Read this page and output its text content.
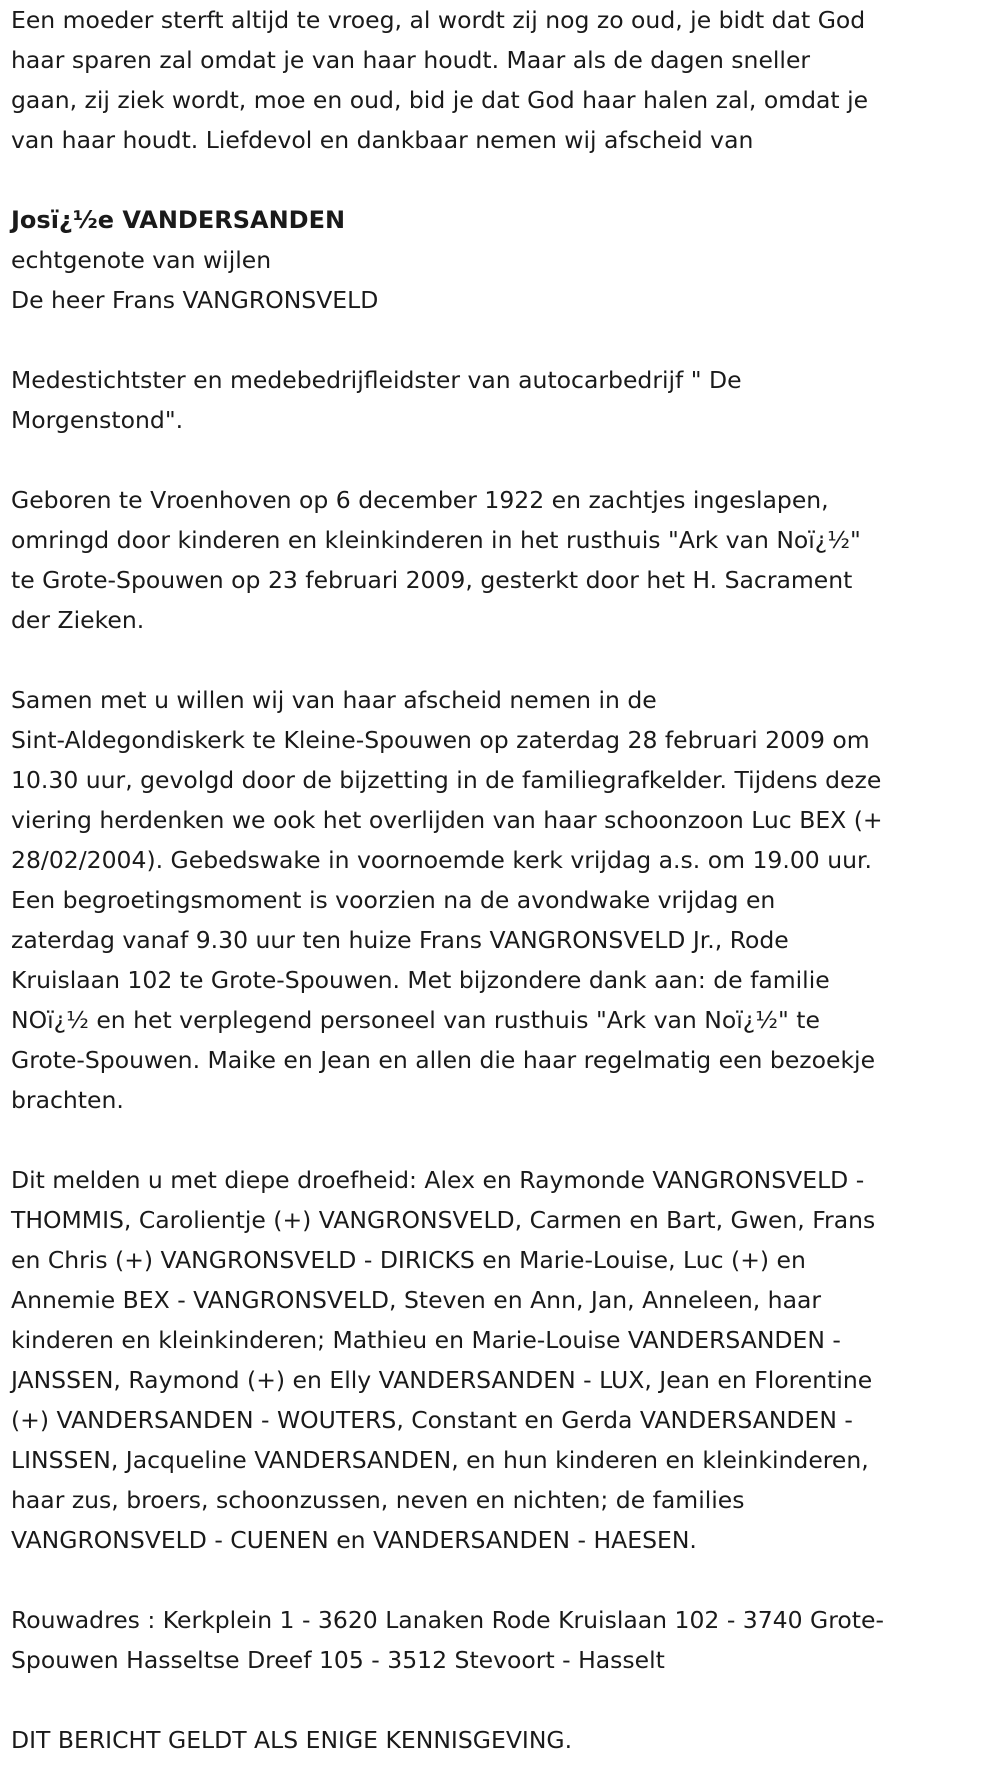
Een moeder sterft altijd te vroeg, al wordt zij nog zo oud, je bidt dat God
haar sparen zal omdat je van haar houdt. Maar als de dagen sneller
gaan, zij ziek wordt, moe en oud, bid je dat God haar halen zal, omdat je
van haar houdt. Liefdevol en dankbaar nemen wij afscheid van

Josï¿½e VANDERSANDEN

echtgenote van wijlen

De heer Frans VANGRONSVELD

Medestichtster en medebedrijfleidster van autocarbedrijf " De
Morgenstond".

Geboren te Vroenhoven op 6 december 1922 en zachtjes ingeslapen,
omringd door kinderen en kleinkinderen in het rusthuis "Ark van Noï¿½"
te Grote-Spouwen op 23 februari 2009, gesterkt door het H. Sacrament
der Zieken.

Samen met u willen wij van haar afscheid nemen in de
Sint-Aldegondiskerk te Kleine-Spouwen op zaterdag 28 februari 2009 om
10.30 uur, gevolgd door de bijzetting in de familiegrafkelder. Tijdens deze
viering herdenken we ook het overlijden van haar schoonzoon Luc BEX (+
28/02/2004). Gebedswake in voornoemde kerk vrijdag a.s. om 19.00 uur.
Een begroetingsmoment is voorzien na de avondwake vrijdag en
zaterdag vanaf 9.30 uur ten huize Frans VANGRONSVELD Jr., Rode
Kruislaan 102 te Grote-Spouwen. Met bijzondere dank aan: de familie
NOï¿½ en het verplegend personeel van rusthuis "Ark van Noï¿½" te
Grote-Spouwen. Maike en Jean en allen die haar regelmatig een bezoekje
brachten.

Dit melden u met diepe droefheid: Alex en Raymonde VANGRONSVELD -
THOMMIS, Carolientje (+) VANGRONSVELD, Carmen en Bart, Gwen, Frans
en Chris (+) VANGRONSVELD - DIRICKS en Marie-Louise, Luc (+) en
Annemie BEX - VANGRONSVELD, Steven en Ann, Jan, Anneleen, haar
kinderen en kleinkinderen; Mathieu en Marie-Louise VANDERSANDEN -
JANSSEN, Raymond (+) en Elly VANDERSANDEN - LUX, Jean en Florentine
(+) VANDERSANDEN - WOUTERS, Constant en Gerda VANDERSANDEN -
LINSSEN, Jacqueline VANDERSANDEN, en hun kinderen en kleinkinderen,
haar zus, broers, schoonzussen, neven en nichten; de families
VANGRONSVELD - CUENEN en VANDERSANDEN - HAESEN.

Rouwadres : Kerkplein 1 - 3620 Lanaken Rode Kruislaan 102 - 3740 Grote-
Spouwen Hasseltse Dreef 105 - 3512 Stevoort - Hasselt

DIT BERICHT GELDT ALS ENIGE KENNISGEVING.
